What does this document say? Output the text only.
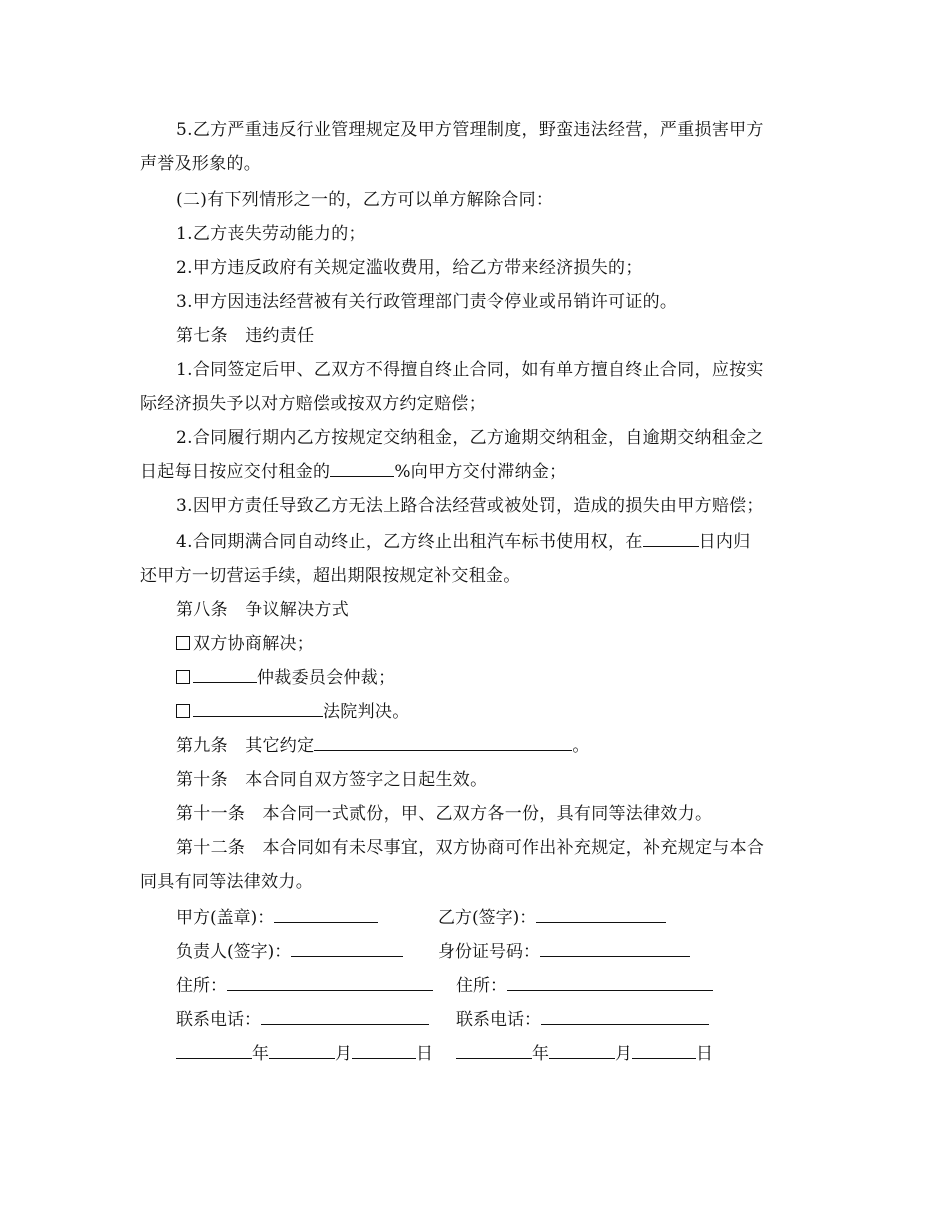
5.乙方严重违反行业管理规定及甲方管理制度，野蛮违法经营，严重损害甲方
声誉及形象的。
(二)有下列情形之一的，乙方可以单方解除合同：
1.乙方丧失劳动能力的；
2.甲方违反政府有关规定滥收费用，给乙方带来经济损失的；
3.甲方因违法经营被有关行政管理部门责令停业或吊销许可证的。
第七条　违约责任
1.合同签定后甲、乙双方不得擅自终止合同，如有单方擅自终止合同，应按实
际经济损失予以对方赔偿或按双方约定赔偿；
2.合同履行期内乙方按规定交纳租金，乙方逾期交纳租金，自逾期交纳租金之
日起每日按应交付租金的	%向甲方交付滞纳金；
3.因甲方责任导致乙方无法上路合法经营或被处罚，造成的损失由甲方赔偿；
4.合同期满合同自动终止，乙方终止出租汽车标书使用权，在	日内归
还甲方一切营运手续，超出期限按规定补交租金。
第八条　争议解决方式
双方协商解决；
仲裁委员会仲裁；
法院判决。
第九条　其它约定	。
第十条　本合同自双方签字之日起生效。
第十一条　本合同一式贰份，甲、乙双方各一份，具有同等法律效力。
第十二条　本合同如有未尽事宜，双方协商可作出补充规定，补充规定与本合
同具有同等法律效力。
甲方(盖章)：	乙方(签字)：
负责人(签字)：	身份证号码：
住所：	住所：
联系电话：	联系电话：
年	月	日	年	月	日
